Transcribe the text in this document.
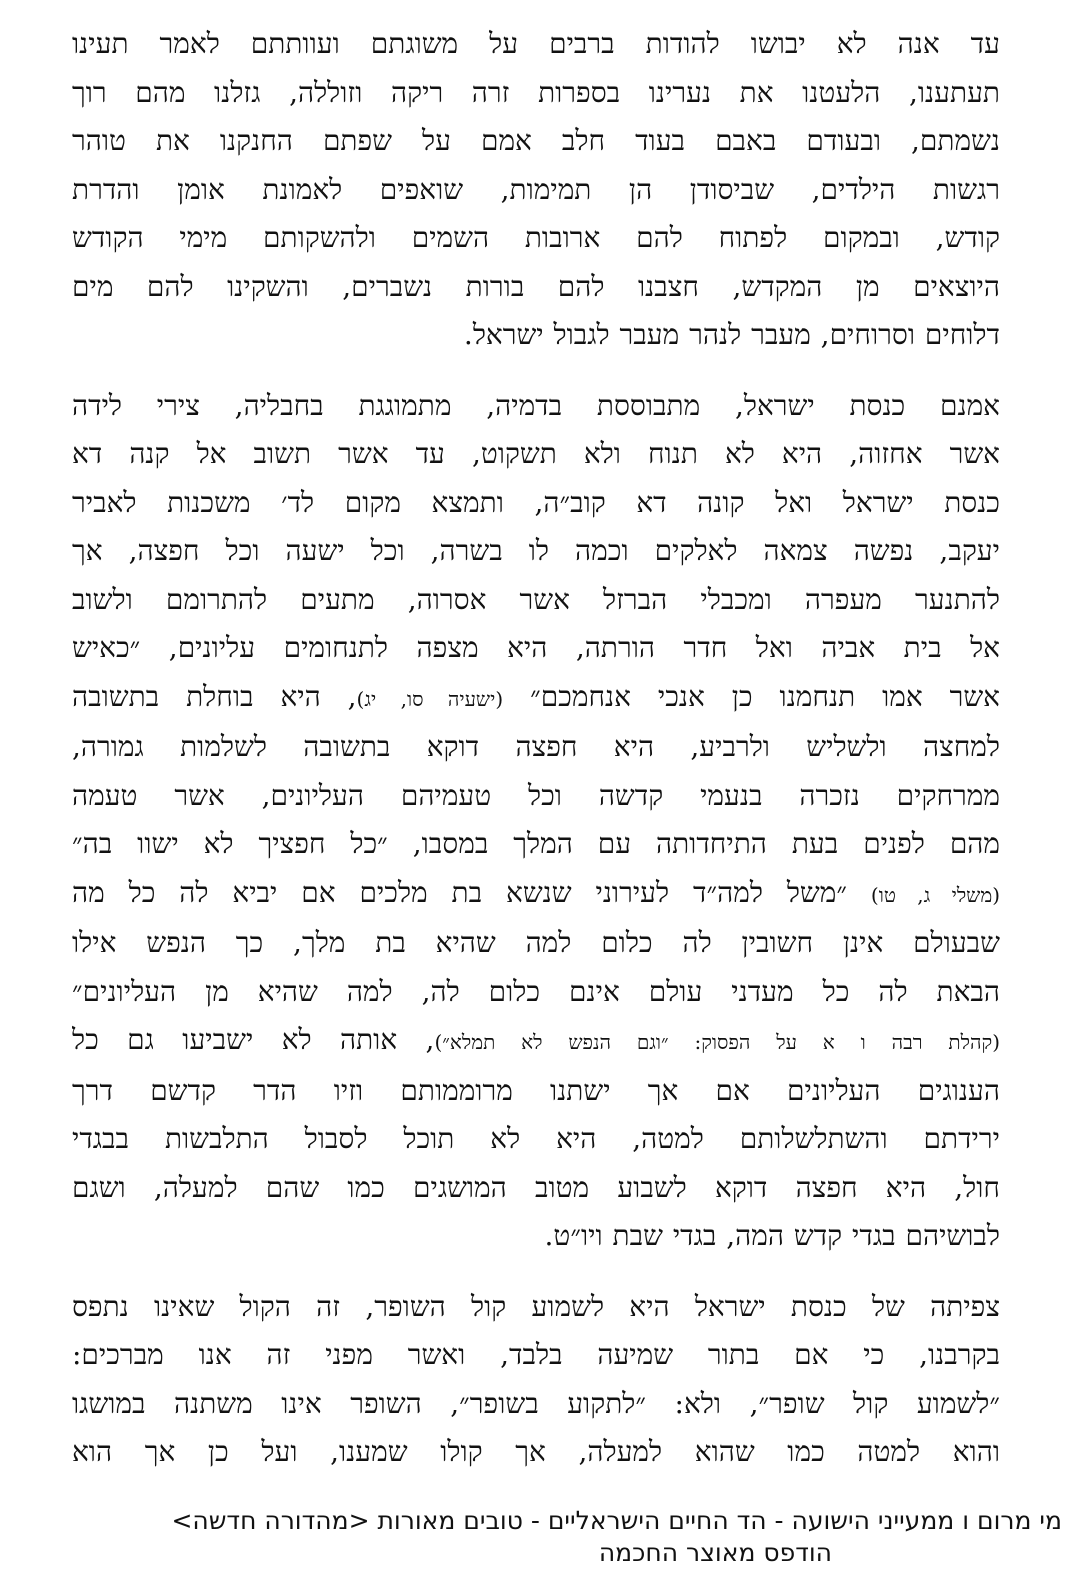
עד אנה לא יבושו להודות ברבים על משוגתם ועוותתם לאמר תעינו
תעתענו, הלעטנו את נערינו בספרות זרה ריקה וזוללה, גזלנו מהם רוך
נשמתם, ובעודם באבם בעוד חלב אמם על שפתם החנקנו את טוהר
רגשות הילדים, שביסודן הן תמימות, שואפים לאמונת אומן והדרת
קודש, ובמקום לפתוח להם ארובות השמים ולהשקותם מימי הקודש
היוצאים מן המקדש, חצבנו להם בורות נשברים, והשקינו להם מים
דלוחים וסרוחים, מעבר לנהר מעבר לגבול ישראל.
אמנם כנסת ישראל, מתבוססת בדמיה, מתמוגגת בחבליה, צירי לידה
אשר אחזוה, היא לא תנוח ולא תשקוט, עד אשר תשוב אל קנה דא
כנסת ישראל ואל קונה דא קוב״ה, ותמצא מקום לד׳ משכנות לאביר
יעקב, נפשה צמאה לאלקים וכמה לו בשרה, וכל ישעה וכל חפצה, אך
להתנער מעפרה ומכבלי הברזל אשר אסרוה, מתעים להתרומם ולשוב
אל בית אביה ואל חדר הורתה, היא מצפה לתנחומים עליונים, ״כאיש
אשר אמו תנחמנו כן אנכי אנחמכם״ (ישעיה סו, יג), היא בוחלת בתשובה
למחצה ולשליש ולרביע, היא חפצה דוקא בתשובה לשלמות גמורה,
ממרחקים נזכרה בנעמי קדשה וכל טעמיהם העליונים, אשר טעמה
מהם לפנים בעת התיחדותה עם המלך במסבו, ״כל חפציך לא ישוו בה״
(משלי ג, טו) ״משל למה״ד לעירוני שנשא בת מלכים אם יביא לה כל מה
שבעולם אינן חשובין לה כלום למה שהיא בת מלך, כך הנפש אילו
הבאת לה כל מעדני עולם אינם כלום לה, למה שהיא מן העליונים״
(קהלת רבה ו א על הפסוק: ״וגם הנפש לא תמלא״), אותה לא ישביעו גם כל
הענוגים העליונים אם אך ישתנו מרוממותם וזיו הדר קדשם דרך
ירידתם והשתלשלותם למטה, היא לא תוכל לסבול התלבשות בבגדי
חול, היא חפצה דוקא לשבוע מטוב המושגים כמו שהם למעלה, ושגם
לבושיהם בגדי קדש המה, בגדי שבת ויו״ט.
צפיתה של כנסת ישראל היא לשמוע קול השופר, זה הקול שאינו נתפס
בקרבנו, כי אם בתור שמיעה בלבד, ואשר מפני זה אנו מברכים:
״לשמוע קול שופר״, ולא: ״לתקוע בשופר״, השופר אינו משתנה במושגו
והוא למטה כמו שהוא למעלה, אך קולו שמענו, ועל כן אך הוא
מי מרום ו ממעייני הישועה - הד החיים הישראליים - טובים מאורות <מהדורה חדשה>
הודפס מאוצר החכמה
